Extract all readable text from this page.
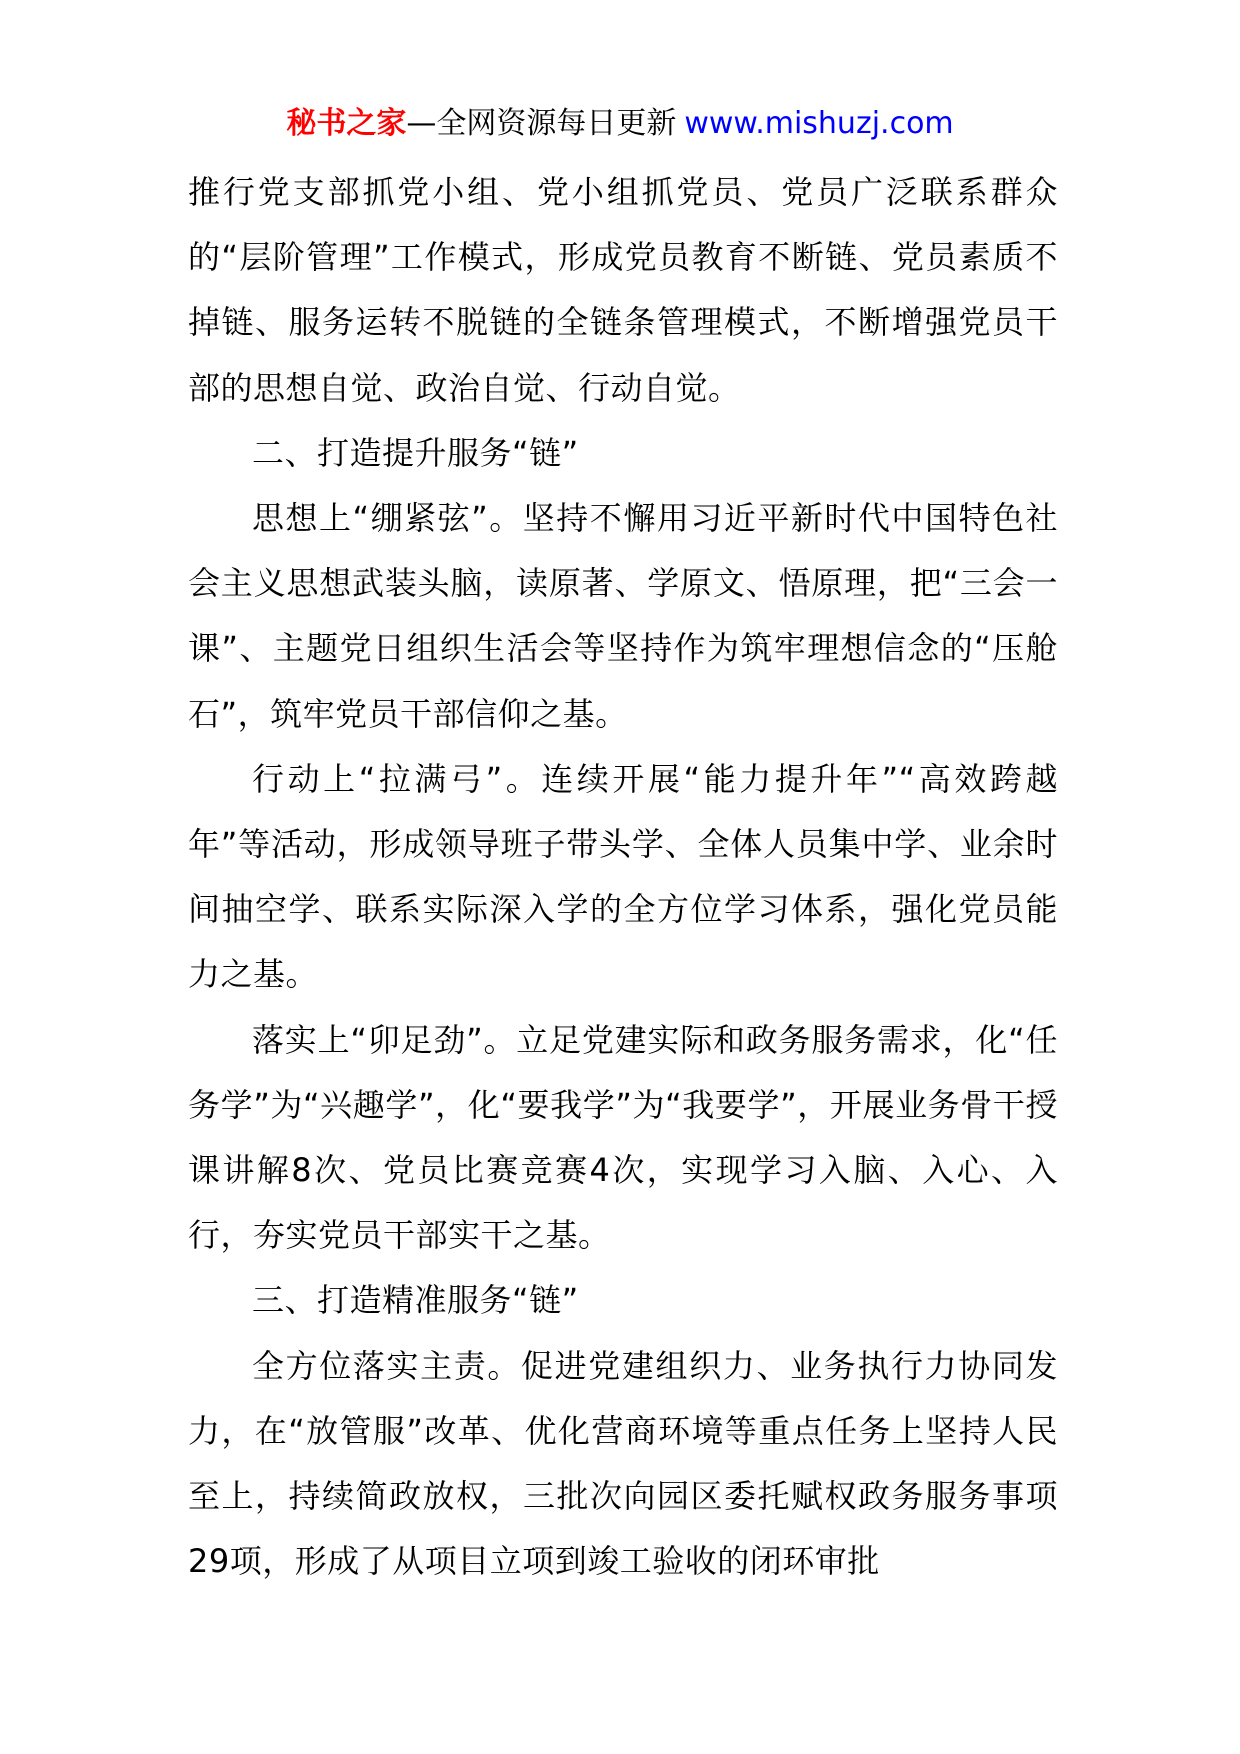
秘书之家—全网资源每日更新 www.mishuzj.com

推行党支部抓党小组、党小组抓党员、党员广泛联系群众的“层阶管理”工作模式，形成党员教育不断链、党员素质不掉链、服务运转不脱链的全链条管理模式，不断增强党员干部的思想自觉、政治自觉、行动自觉。

二、打造提升服务“链”

思想上“绷紧弦”。坚持不懈用习近平新时代中国特色社会主义思想武装头脑，读原著、学原文、悟原理，把“三会一课”、主题党日组织生活会等坚持作为筑牢理想信念的“压舱石”，筑牢党员干部信仰之基。

行动上“拉满弓”。连续开展“能力提升年”“高效跨越年”等活动，形成领导班子带头学、全体人员集中学、业余时间抽空学、联系实际深入学的全方位学习体系，强化党员能力之基。

落实上“卯足劲”。立足党建实际和政务服务需求，化“任务学”为“兴趣学”，化“要我学”为“我要学”，开展业务骨干授课讲解8次、党员比赛竞赛4次，实现学习入脑、入心、入行，夯实党员干部实干之基。

三、打造精准服务“链”

全方位落实主责。促进党建组织力、业务执行力协同发力，在“放管服”改革、优化营商环境等重点任务上坚持人民至上，持续简政放权，三批次向园区委托赋权政务服务事项29项，形成了从项目立项到竣工验收的闭环审批
